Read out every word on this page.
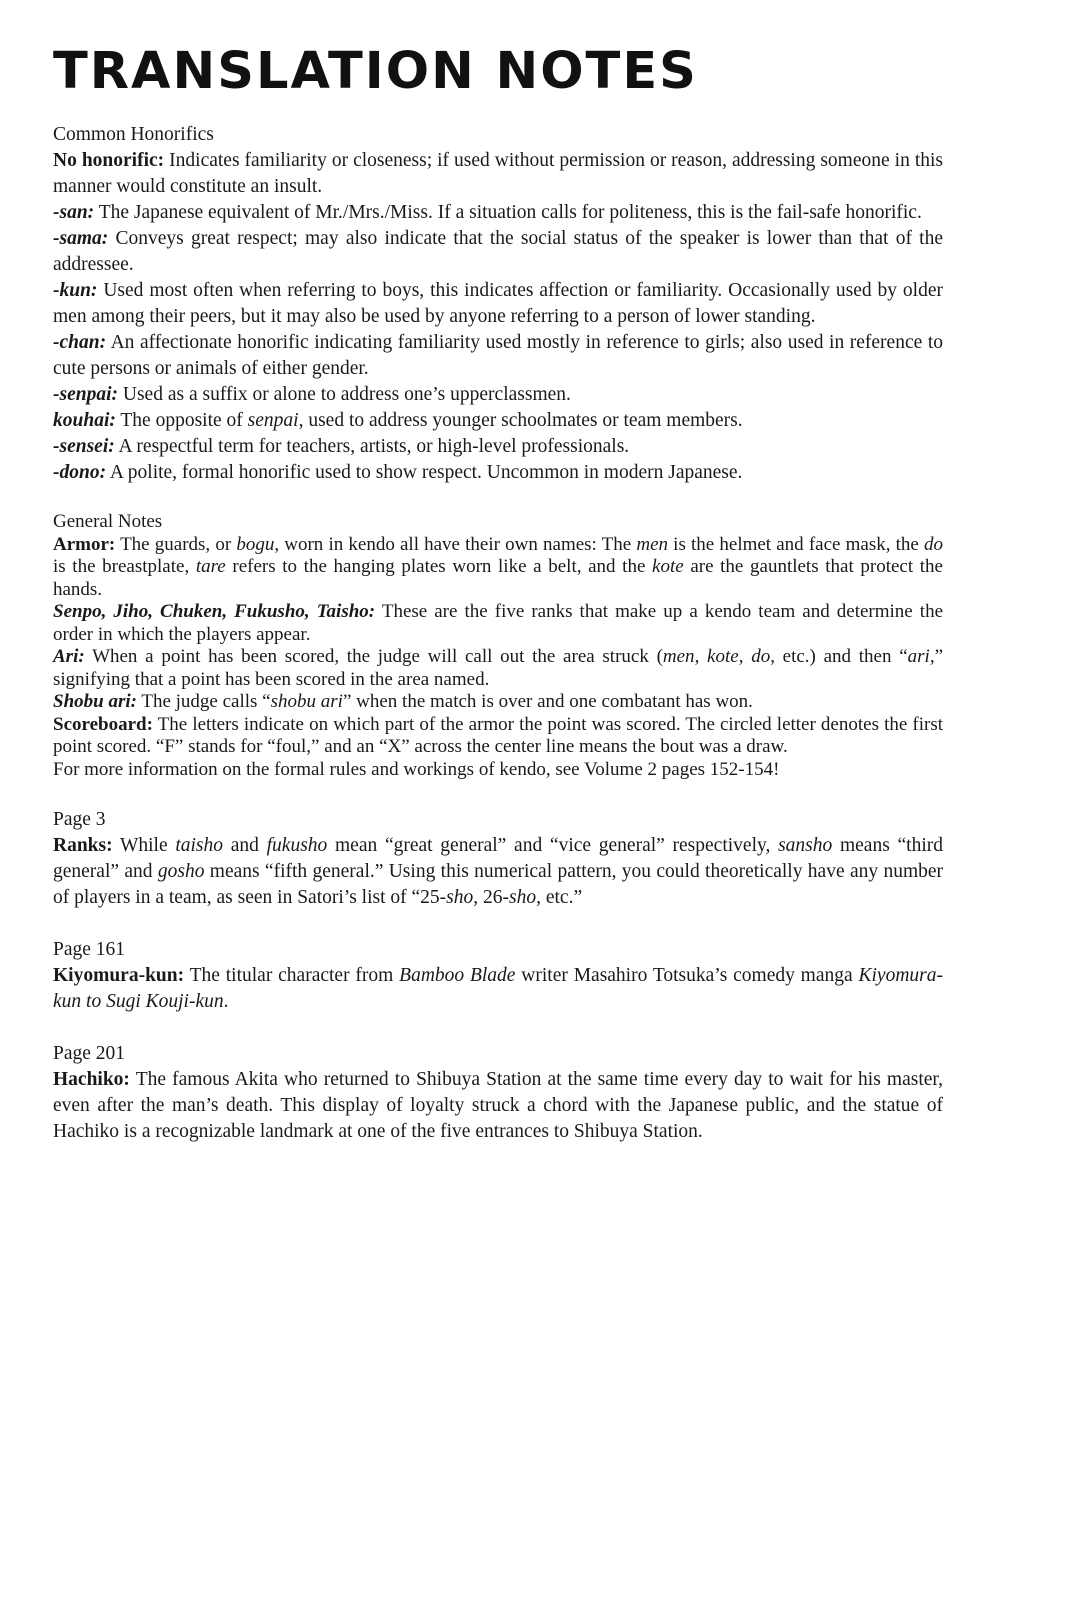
TRANSLATION NOTES

Common Honorifics

No honorific: Indicates familiarity or closeness; if used without permission or reason, addressing someone in this manner would constitute an insult.

-san: The Japanese equivalent of Mr./Mrs./Miss. If a situation calls for politeness, this is the fail-safe honorific.

-sama: Conveys great respect; may also indicate that the social status of the speaker is lower than that of the addressee.

-kun: Used most often when referring to boys, this indicates affection or familiarity. Occasionally used by older men among their peers, but it may also be used by anyone referring to a person of lower standing.

-chan: An affectionate honorific indicating familiarity used mostly in reference to girls; also used in reference to cute persons or animals of either gender.

-senpai: Used as a suffix or alone to address one’s upperclassmen.

kouhai: The opposite of senpai, used to address younger schoolmates or team members.

-sensei: A respectful term for teachers, artists, or high-level professionals.

-dono: A polite, formal honorific used to show respect. Uncommon in modern Japanese.

General Notes

Armor: The guards, or bogu, worn in kendo all have their own names: The men is the helmet and face mask, the do is the breastplate, tare refers to the hanging plates worn like a belt, and the kote are the gauntlets that protect the hands.

Senpo, Jiho, Chuken, Fukusho, Taisho: These are the five ranks that make up a kendo team and determine the order in which the players appear.

Ari: When a point has been scored, the judge will call out the area struck (men, kote, do, etc.) and then “ari,” signifying that a point has been scored in the area named.

Shobu ari: The judge calls “shobu ari” when the match is over and one combatant has won.

Scoreboard: The letters indicate on which part of the armor the point was scored. The circled letter denotes the first point scored. “F” stands for “foul,” and an “X” across the center line means the bout was a draw.

For more information on the formal rules and workings of kendo, see Volume 2 pages 152-154!

Page 3

Ranks: While taisho and fukusho mean “great general” and “vice general” respectively, sansho means “third general” and gosho means “fifth general.” Using this numerical pattern, you could theoretically have any number of players in a team, as seen in Satori’s list of “25-sho, 26-sho, etc.”

Page 161

Kiyomura-kun: The titular character from Bamboo Blade writer Masahiro Totsuka’s comedy manga Kiyomura-kun to Sugi Kouji-kun.

Page 201

Hachiko: The famous Akita who returned to Shibuya Station at the same time every day to wait for his master, even after the man’s death. This display of loyalty struck a chord with the Japanese public, and the statue of Hachiko is a recognizable landmark at one of the five entrances to Shibuya Station.
